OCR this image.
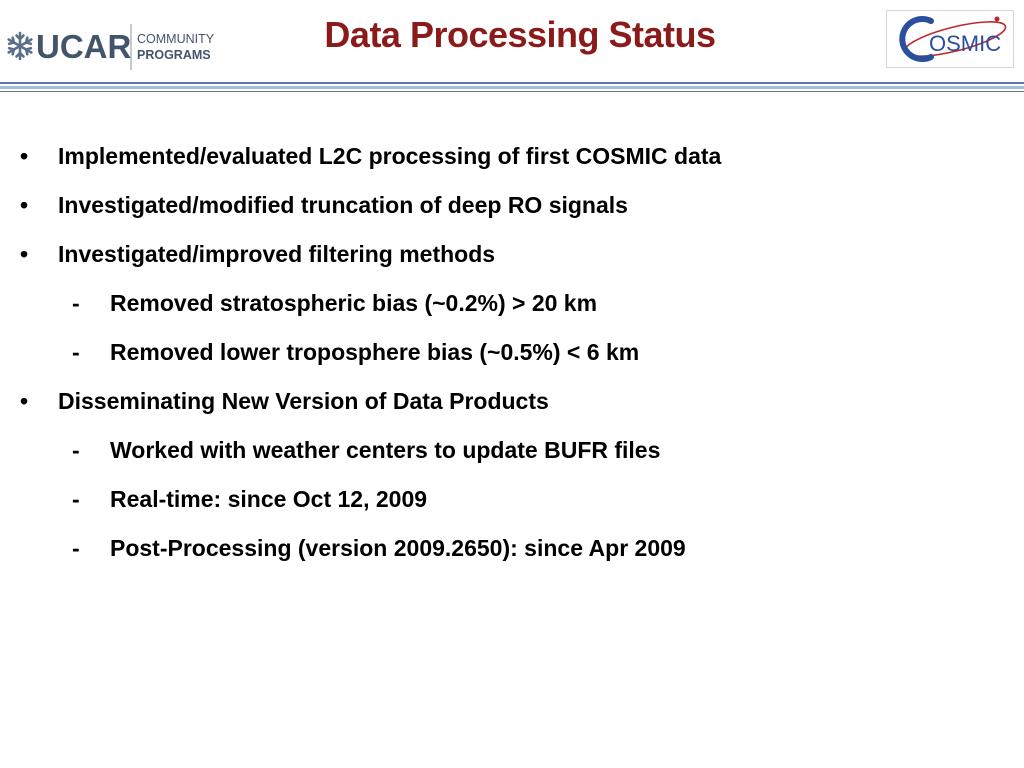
UCAR COMMUNITY
PROGRAMS	Data Processing Status	OSMIC
•	Implemented/evaluated L2C processing of first COSMIC data
•	Investigated/modified truncation of deep RO signals
•	Investigated/improved filtering methods
-	Removed stratospheric bias (~0.2%) > 20 km
-	Removed lower troposphere bias (~0.5%) < 6 km
•	Disseminating New Version of Data Products
-	Worked with weather centers to update BUFR files
-	Real-time: since Oct 12, 2009
-	Post-Processing (version 2009.2650): since Apr 2009
